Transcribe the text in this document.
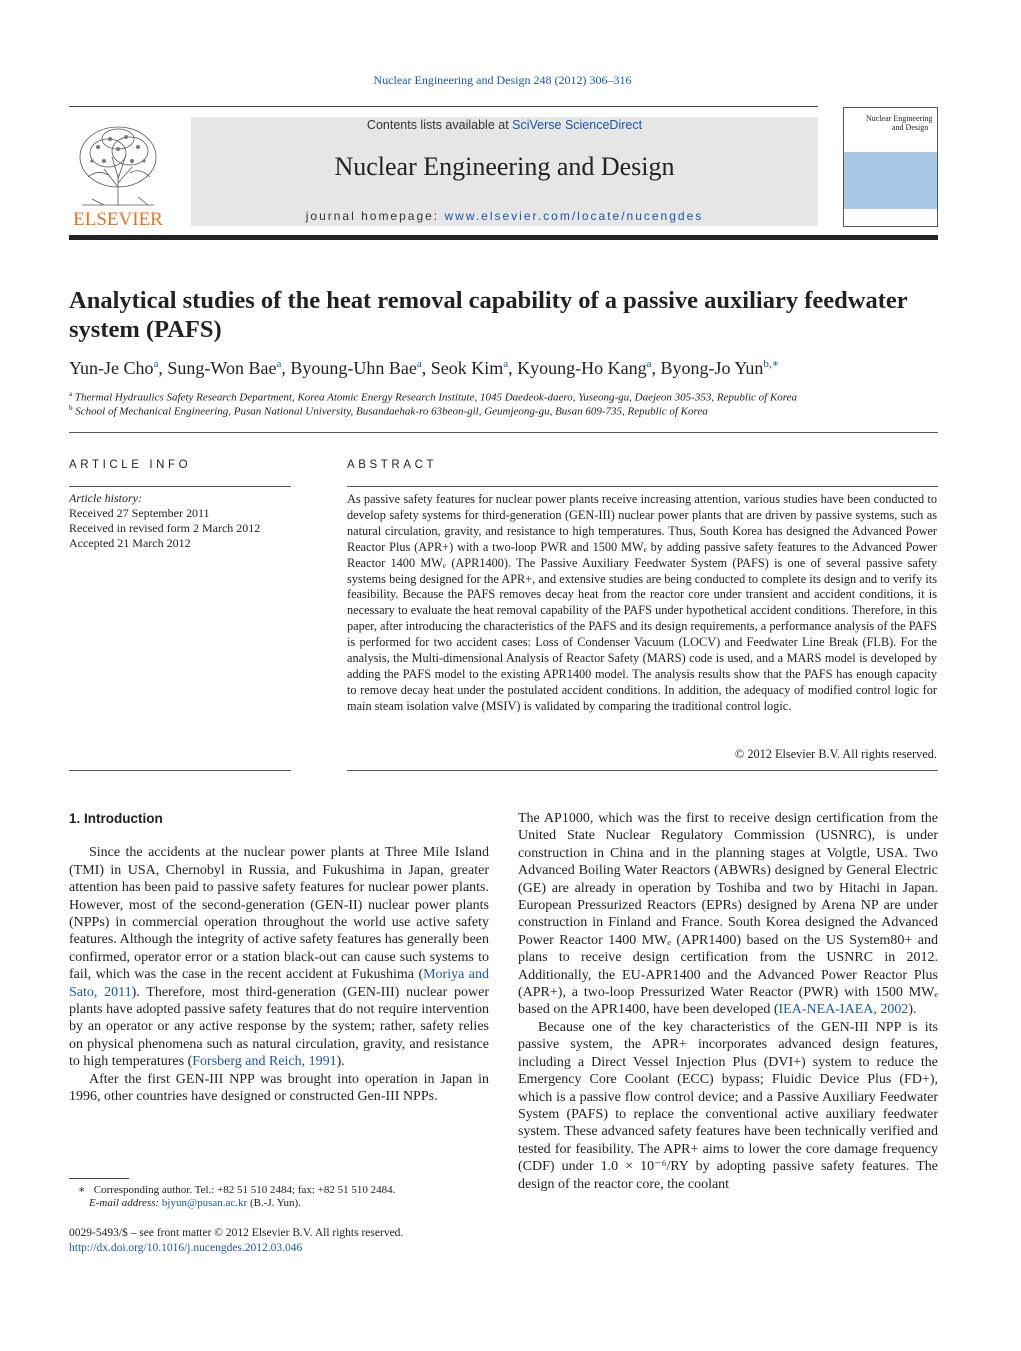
Nuclear Engineering and Design 248 (2012) 306–316
ELSEVIER
Contents lists available at SciVerse ScienceDirect
Nuclear Engineering and Design
journal homepage: www.elsevier.com/locate/nucengdes
Nuclear Engineering
and Design
Analytical studies of the heat removal capability of a passive auxiliary feedwater system (PAFS)
Yun-Je Cho$^a$, Sung-Won Bae$^a$, Byoung-Uhn Bae$^a$, Seok Kim$^a$, Kyoung-Ho Kang$^a$, Byong-Jo Yun$^{b,∗}$
$^a$ Thermal Hydraulics Safety Research Department, Korea Atomic Energy Research Institute, 1045 Daedeok-daero, Yuseong-gu, Daejeon 305-353, Republic of Korea
$^b$ School of Mechanical Engineering, Pusan National University, Busandaehak-ro 63beon-gil, Geumjeong-gu, Busan 609-735, Republic of Korea
ARTICLE INFO
Article history:
Received 27 September 2011
Received in revised form 2 March 2012
Accepted 21 March 2012
ABSTRACT
As passive safety features for nuclear power plants receive increasing attention, various studies have been conducted to develop safety systems for third-generation (GEN-III) nuclear power plants that are driven by passive systems, such as natural circulation, gravity, and resistance to high temperatures. Thus, South Korea has designed the Advanced Power Reactor Plus (APR+) with a two-loop PWR and 1500 MWₑ by adding passive safety features to the Advanced Power Reactor 1400 MWₑ (APR1400). The Passive Auxiliary Feedwater System (PAFS) is one of several passive safety systems being designed for the APR+, and extensive studies are being conducted to complete its design and to verify its feasibility. Because the PAFS removes decay heat from the reactor core under transient and accident conditions, it is necessary to evaluate the heat removal capability of the PAFS under hypothetical accident conditions. Therefore, in this paper, after introducing the characteristics of the PAFS and its design requirements, a performance analysis of the PAFS is performed for two accident cases: Loss of Condenser Vacuum (LOCV) and Feedwater Line Break (FLB). For the analysis, the Multi-dimensional Analysis of Reactor Safety (MARS) code is used, and a MARS model is developed by adding the PAFS model to the existing APR1400 model. The analysis results show that the PAFS has enough capacity to remove decay heat under the postulated accident conditions. In addition, the adequacy of modified control logic for main steam isolation valve (MSIV) is validated by comparing the traditional control logic.
© 2012 Elsevier B.V. All rights reserved.
1. Introduction

Since the accidents at the nuclear power plants at Three Mile Island (TMI) in USA, Chernobyl in Russia, and Fukushima in Japan, greater attention has been paid to passive safety features for nuclear power plants. However, most of the second-generation (GEN-II) nuclear power plants (NPPs) in commercial operation throughout the world use active safety features. Although the integrity of active safety features has generally been confirmed, operator error or a station black-out can cause such systems to fail, which was the case in the recent accident at Fukushima (Moriya and Sato, 2011). Therefore, most third-generation (GEN-III) nuclear power plants have adopted passive safety features that do not require intervention by an operator or any active response by the system; rather, safety relies on physical phenomena such as natural circulation, gravity, and resistance to high temperatures (Forsberg and Reich, 1991).

After the first GEN-III NPP was brought into operation in Japan in 1996, other countries have designed or constructed Gen-III NPPs.

The AP1000, which was the first to receive design certification from the United State Nuclear Regulatory Commission (USNRC), is under construction in China and in the planning stages at Volgtle, USA. Two Advanced Boiling Water Reactors (ABWRs) designed by General Electric (GE) are already in operation by Toshiba and two by Hitachi in Japan. European Pressurized Reactors (EPRs) designed by Arena NP are under construction in Finland and France. South Korea designed the Advanced Power Reactor 1400 MWₑ (APR1400) based on the US System80+ and plans to receive design certification from the USNRC in 2012. Additionally, the EU-APR1400 and the Advanced Power Reactor Plus (APR+), a two-loop Pressurized Water Reactor (PWR) with 1500 MWₑ based on the APR1400, have been developed (IEA-NEA-IAEA, 2002).

Because one of the key characteristics of the GEN-III NPP is its passive system, the APR+ incorporates advanced design features, including a Direct Vessel Injection Plus (DVI+) system to reduce the Emergency Core Coolant (ECC) bypass; Fluidic Device Plus (FD+), which is a passive flow control device; and a Passive Auxiliary Feedwater System (PAFS) to replace the conventional active auxiliary feedwater system. These advanced safety features have been technically verified and tested for feasibility. The APR+ aims to lower the core damage frequency (CDF) under 1.0 × 10⁻⁶/RY by adopting passive safety features. The design of the reactor core, the coolant

∗ Corresponding author. Tel.: +82 51 510 2484; fax: +82 51 510 2484.
E-mail address: bjyun@pusan.ac.kr (B.-J. Yun).
0029-5493/$ – see front matter © 2012 Elsevier B.V. All rights reserved.
http://dx.doi.org/10.1016/j.nucengdes.2012.03.046
